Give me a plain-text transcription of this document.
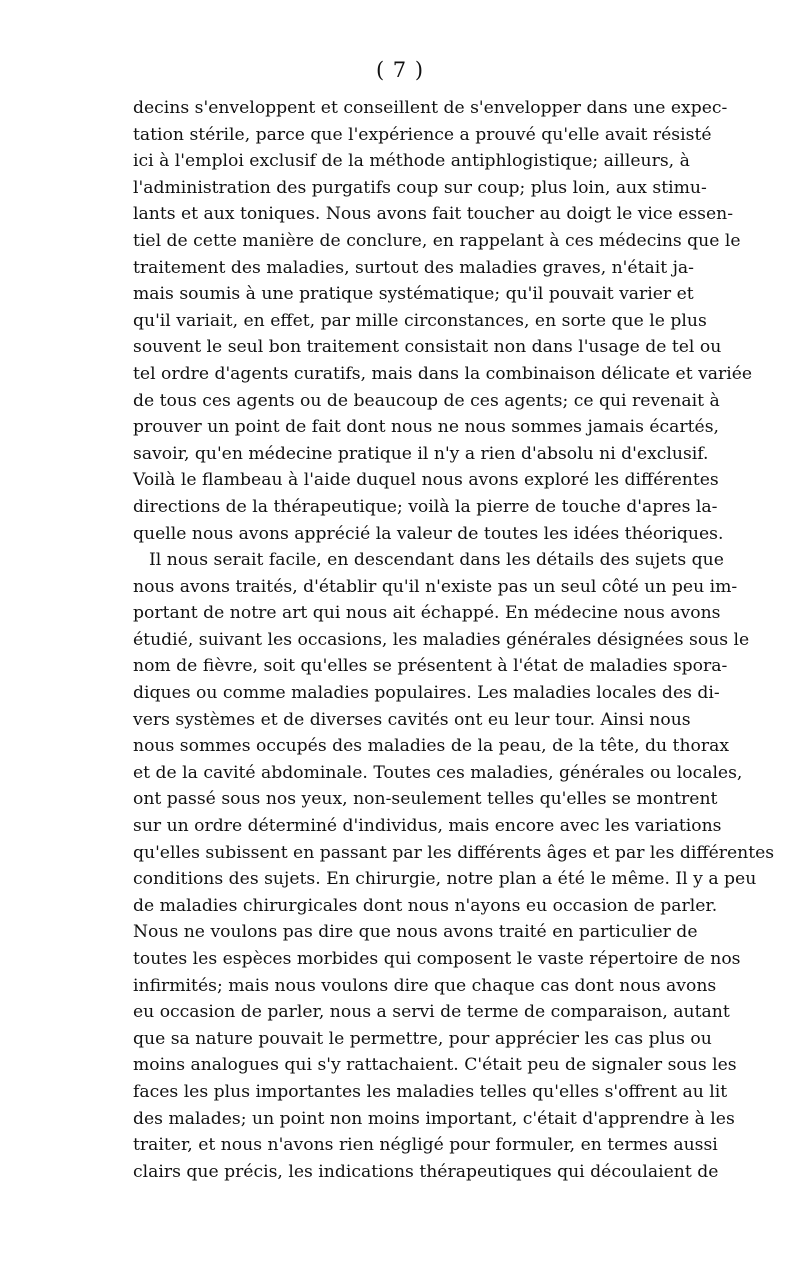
( 7 )
decins s'enveloppent et conseillent de s'envelopper dans une expec-
tation stérile, parce que l'expérience a prouvé qu'elle avait résisté
ici à l'emploi exclusif de la méthode antiphlogistique; ailleurs, à
l'administration des purgatifs coup sur coup; plus loin, aux stimu-
lants et aux toniques. Nous avons fait toucher au doigt le vice essen-
tiel de cette manière de conclure, en rappelant à ces médecins que le
traitement des maladies, surtout des maladies graves, n'était ja-
mais soumis à une pratique systématique; qu'il pouvait varier et
qu'il variait, en effet, par mille circonstances, en sorte que le plus
souvent le seul bon traitement consistait non dans l'usage de tel ou
tel ordre d'agents curatifs, mais dans la combinaison délicate et variée
de tous ces agents ou de beaucoup de ces agents; ce qui revenait à
prouver un point de fait dont nous ne nous sommes jamais écartés,
savoir, qu'en médecine pratique il n'y a rien d'absolu ni d'exclusif.
Voilà le flambeau à l'aide duquel nous avons exploré les différentes
directions de la thérapeutique; voilà la pierre de touche d'apres la-
quelle nous avons apprécié la valeur de toutes les idées théoriques.
Il nous serait facile, en descendant dans les détails des sujets que
nous avons traités, d'établir qu'il n'existe pas un seul côté un peu im-
portant de notre art qui nous ait échappé. En médecine nous avons
étudié, suivant les occasions, les maladies générales désignées sous le
nom de fièvre, soit qu'elles se présentent à l'état de maladies spora-
diques ou comme maladies populaires. Les maladies locales des di-
vers systèmes et de diverses cavités ont eu leur tour. Ainsi nous
nous sommes occupés des maladies de la peau, de la tête, du thorax
et de la cavité abdominale. Toutes ces maladies, générales ou locales,
ont passé sous nos yeux, non-seulement telles qu'elles se montrent
sur un ordre déterminé d'individus, mais encore avec les variations
qu'elles subissent en passant par les différents âges et par les différentes
conditions des sujets. En chirurgie, notre plan a été le même. Il y a peu
de maladies chirurgicales dont nous n'ayons eu occasion de parler.
Nous ne voulons pas dire que nous avons traité en particulier de
toutes les espèces morbides qui composent le vaste répertoire de nos
infirmités; mais nous voulons dire que chaque cas dont nous avons
eu occasion de parler, nous a servi de terme de comparaison, autant
que sa nature pouvait le permettre, pour apprécier les cas plus ou
moins analogues qui s'y rattachaient. C'était peu de signaler sous les
faces les plus importantes les maladies telles qu'elles s'offrent au lit
des malades; un point non moins important, c'était d'apprendre à les
traiter, et nous n'avons rien négligé pour formuler, en termes aussi
clairs que précis, les indications thérapeutiques qui découlaient de
